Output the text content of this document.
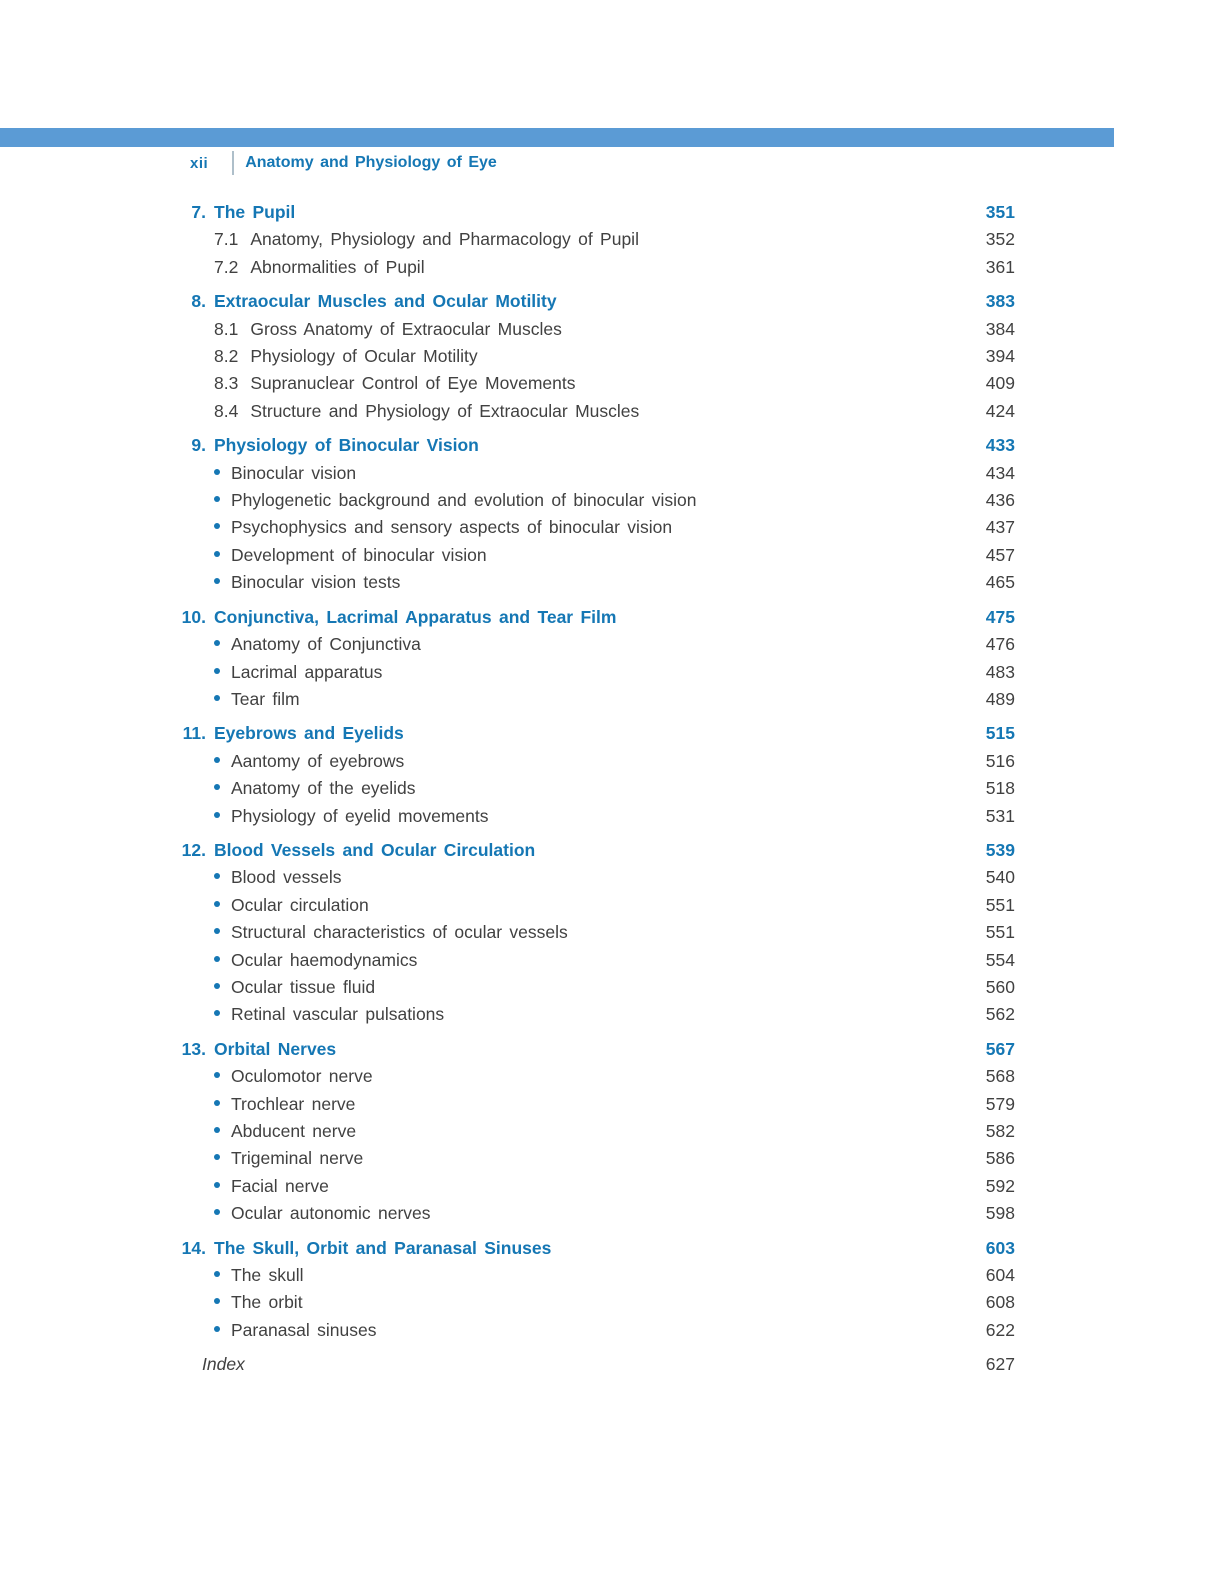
xii Anatomy and Physiology of Eye
7. The Pupil	351
7.1 Anatomy, Physiology and Pharmacology of Pupil	352
7.2 Abnormalities of Pupil	361
8. Extraocular Muscles and Ocular Motility	383
8.1 Gross Anatomy of Extraocular Muscles	384
8.2 Physiology of Ocular Motility	394
8.3 Supranuclear Control of Eye Movements	409
8.4 Structure and Physiology of Extraocular Muscles	424
9. Physiology of Binocular Vision	433
Binocular vision	434
Phylogenetic background and evolution of binocular vision	436
Psychophysics and sensory aspects of binocular vision	437
Development of binocular vision	457
Binocular vision tests	465
10. Conjunctiva, Lacrimal Apparatus and Tear Film	475
Anatomy of Conjunctiva	476
Lacrimal apparatus	483
Tear film	489
11. Eyebrows and Eyelids	515
Aantomy of eyebrows	516
Anatomy of the eyelids	518
Physiology of eyelid movements	531
12. Blood Vessels and Ocular Circulation	539
Blood vessels	540
Ocular circulation	551
Structural characteristics of ocular vessels	551
Ocular haemodynamics	554
Ocular tissue fluid	560
Retinal vascular pulsations	562
13. Orbital Nerves	567
Oculomotor nerve	568
Trochlear nerve	579
Abducent nerve	582
Trigeminal nerve	586
Facial nerve	592
Ocular autonomic nerves	598
14. The Skull, Orbit and Paranasal Sinuses	603
The skull	604
The orbit	608
Paranasal sinuses	622
Index	627
